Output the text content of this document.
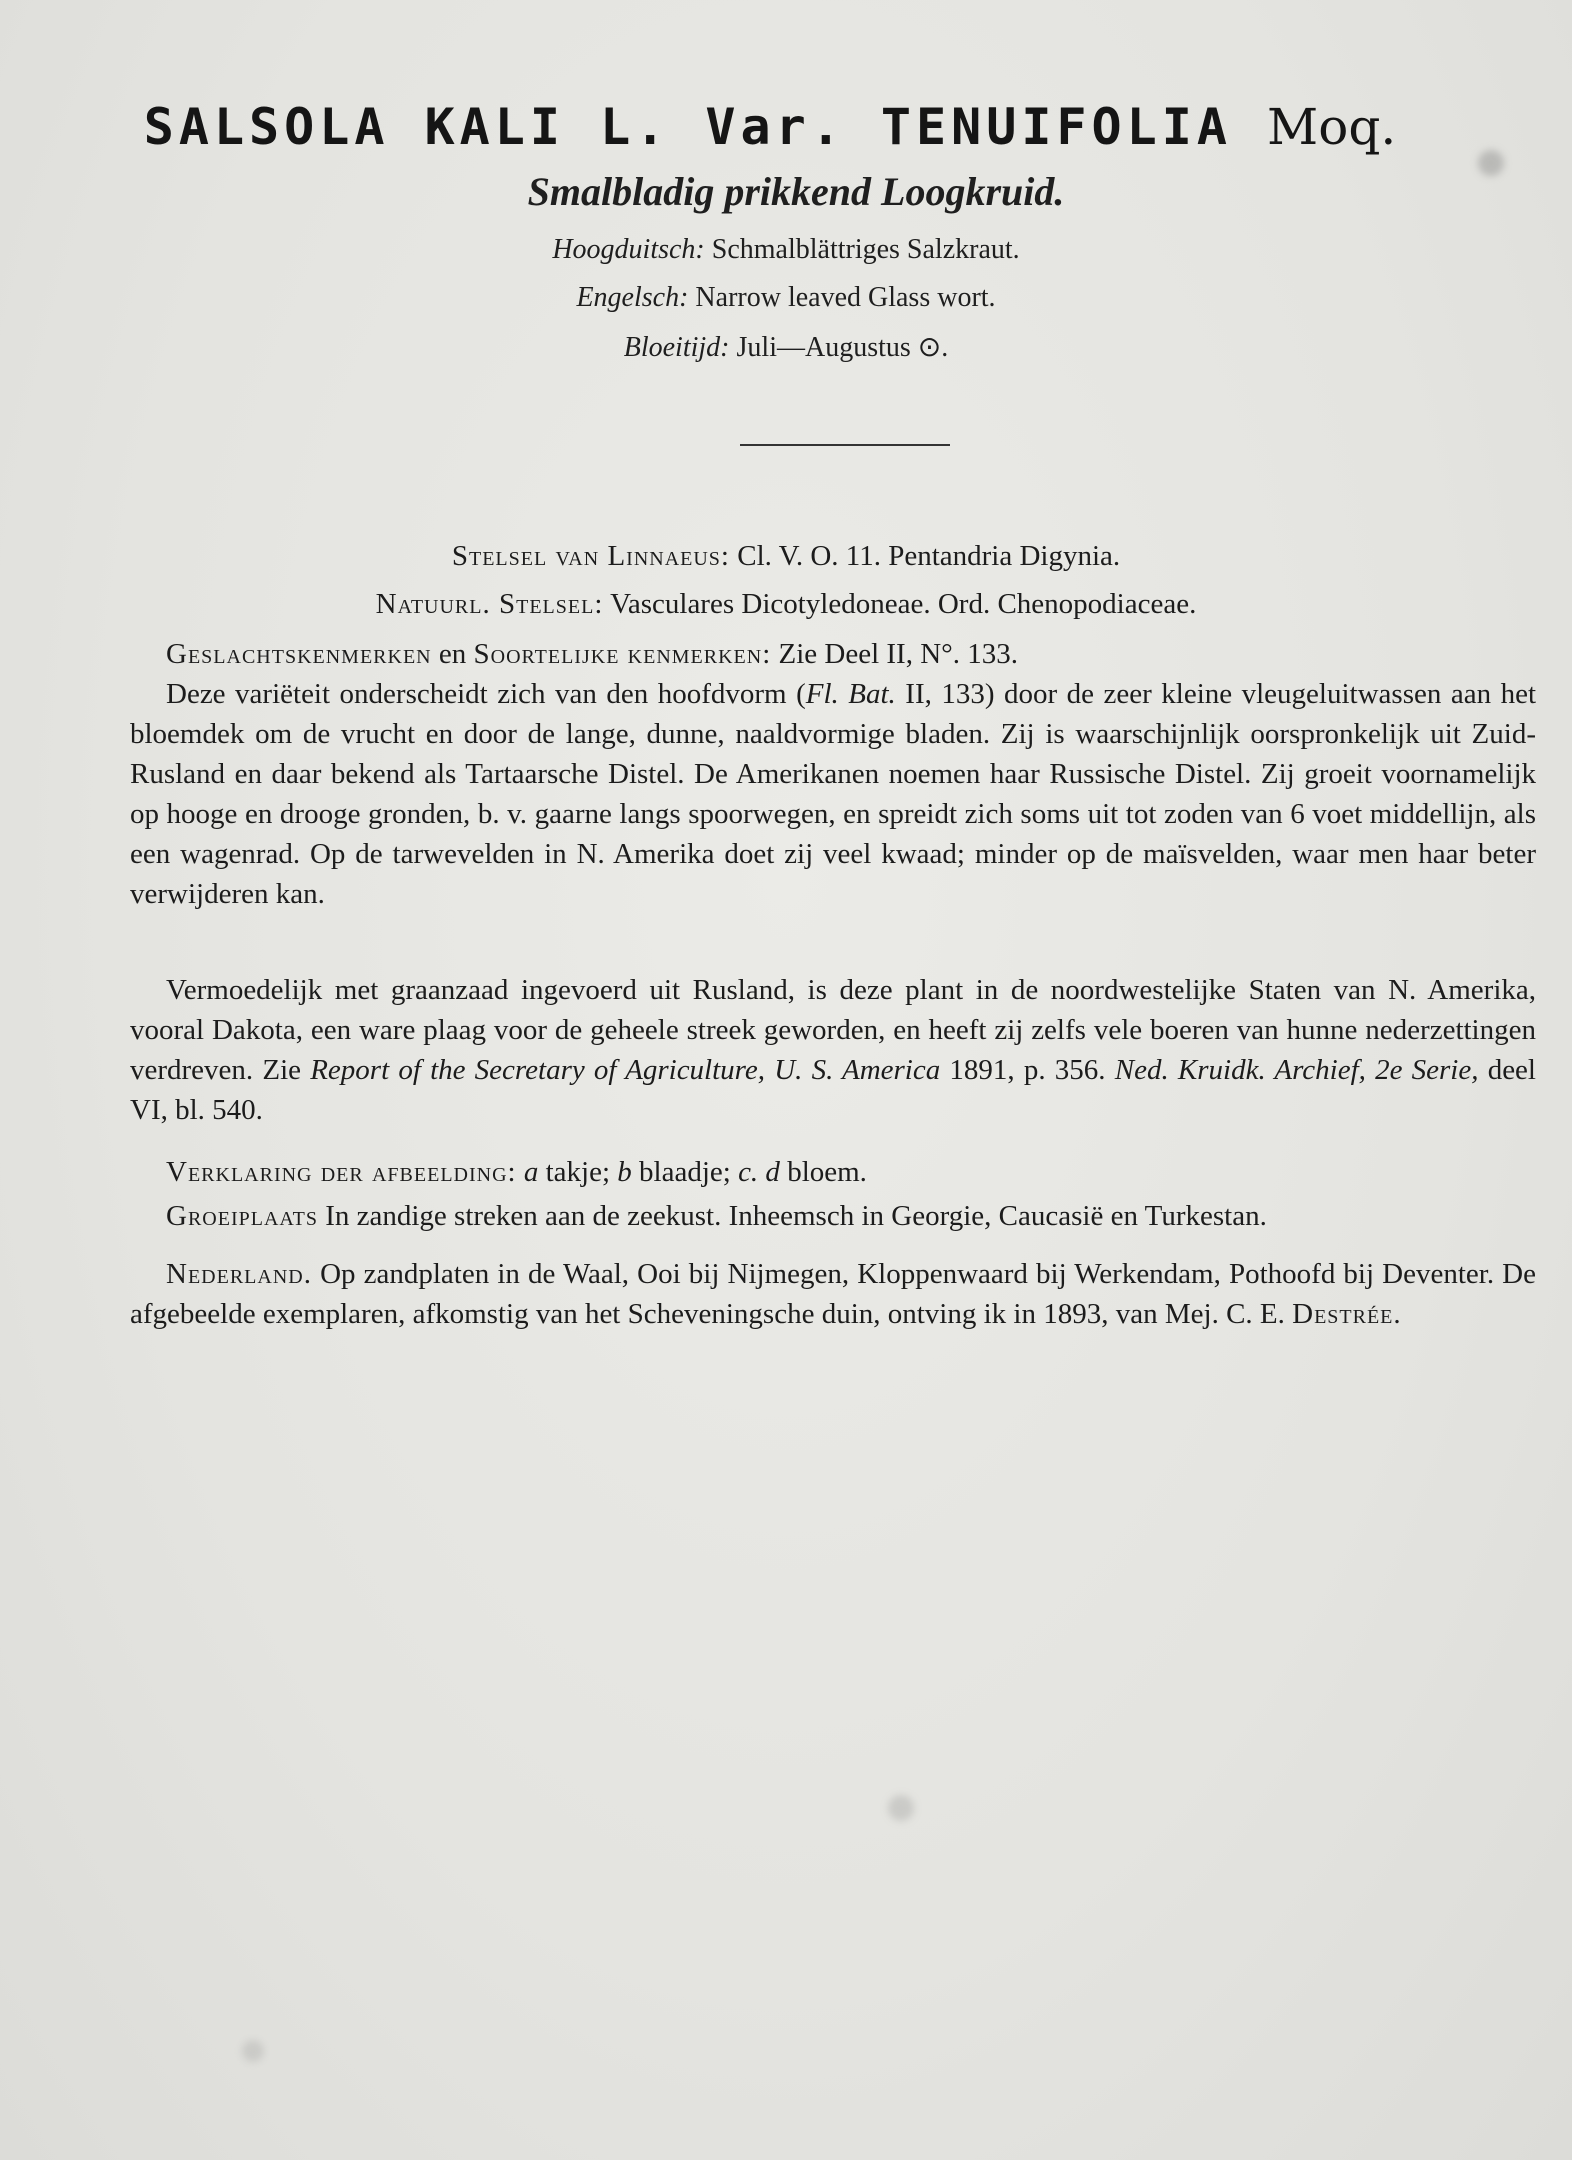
SALSOLA KALI L. Var. TENUIFOLIA Moq.
Smalbladig prikkend Loogkruid.
Hoogduitsch: Schmalblättriges Salzkraut.
Engelsch: Narrow leaved Glass wort.
Bloeitijd: Juli—Augustus ⊙.
Stelsel van Linnaeus: Cl. V. O. 11. Pentandria Digynia.
Natuurl. Stelsel: Vasculares Dicotyledoneae. Ord. Chenopodiaceae.

Geslachtskenmerken en Soortelijke kenmerken: Zie Deel II, N°. 133.

Deze variëteit onderscheidt zich van den hoofdvorm (Fl. Bat. II, 133) door de zeer kleine vleugeluitwassen aan het bloemdek om de vrucht en door de lange, dunne, naaldvormige bladen. Zij is waarschijnlijk oorspronkelijk uit Zuid-Rusland en daar bekend als Tartaarsche Distel. De Amerikanen noemen haar Russische Distel. Zij groeit voornamelijk op hooge en drooge gronden, b. v. gaarne langs spoorwegen, en spreidt zich soms uit tot zoden van 6 voet middellijn, als een wagenrad. Op de tarwevelden in N. Amerika doet zij veel kwaad; minder op de maïsvelden, waar men haar beter verwijderen kan.

Vermoedelijk met graanzaad ingevoerd uit Rusland, is deze plant in de noordwestelijke Staten van N. Amerika, vooral Dakota, een ware plaag voor de geheele streek geworden, en heeft zij zelfs vele boeren van hunne nederzettingen verdreven. Zie Report of the Secretary of Agriculture, U. S. America 1891, p. 356. Ned. Kruidk. Archief, 2e Serie, deel VI, bl. 540.

Verklaring der afbeelding: a takje; b blaadje; c. d bloem.

Groeiplaats In zandige streken aan de zeekust. Inheemsch in Georgie, Caucasië en Turkestan.

Nederland. Op zandplaten in de Waal, Ooi bij Nijmegen, Kloppenwaard bij Werkendam, Pothoofd bij Deventer. De afgebeelde exemplaren, afkomstig van het Scheveningsche duin, ontving ik in 1893, van Mej. C. E. Destrée.
